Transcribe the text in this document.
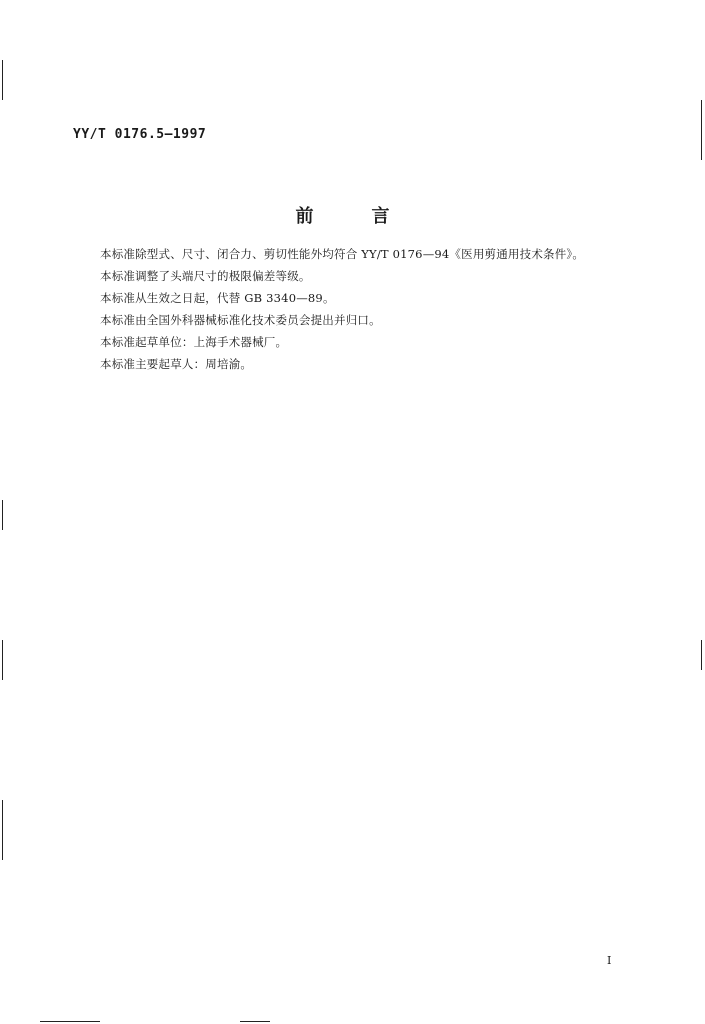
YY/T 0176.5—1997
前言
本标准除型式、尺寸、闭合力、剪切性能外均符合 YY/T 0176—94《医用剪通用技术条件》。
本标准调整了头端尺寸的极限偏差等级。
本标准从生效之日起，代替 GB 3340—89。
本标准由全国外科器械标准化技术委员会提出并归口。
本标准起草单位：上海手术器械厂。
本标准主要起草人：周培渝。
I
